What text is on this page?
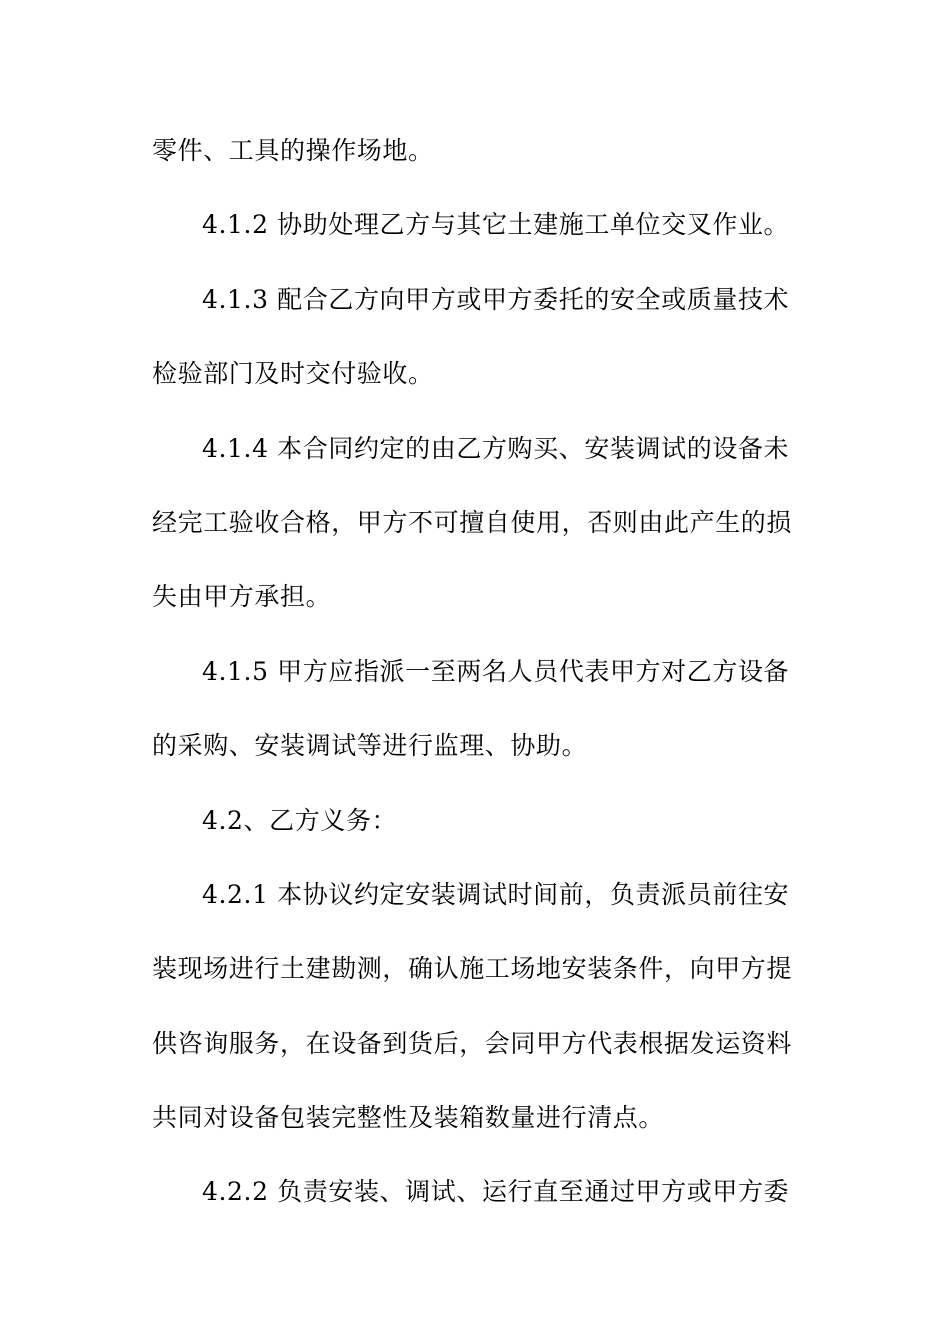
零件、工具的操作场地。
4.1.2 协助处理乙方与其它土建施工单位交叉作业。
4.1.3 配合乙方向甲方或甲方委托的安全或质量技术
检验部门及时交付验收。
4.1.4 本合同约定的由乙方购买、安装调试的设备未
经完工验收合格，甲方不可擅自使用，否则由此产生的损
失由甲方承担。
4.1.5 甲方应指派一至两名人员代表甲方对乙方设备
的采购、安装调试等进行监理、协助。
4.2、乙方义务：
4.2.1 本协议约定安装调试时间前，负责派员前往安
装现场进行土建勘测，确认施工场地安装条件，向甲方提
供咨询服务，在设备到货后，会同甲方代表根据发运资料
共同对设备包装完整性及装箱数量进行清点。
4.2.2 负责安装、调试、运行直至通过甲方或甲方委
